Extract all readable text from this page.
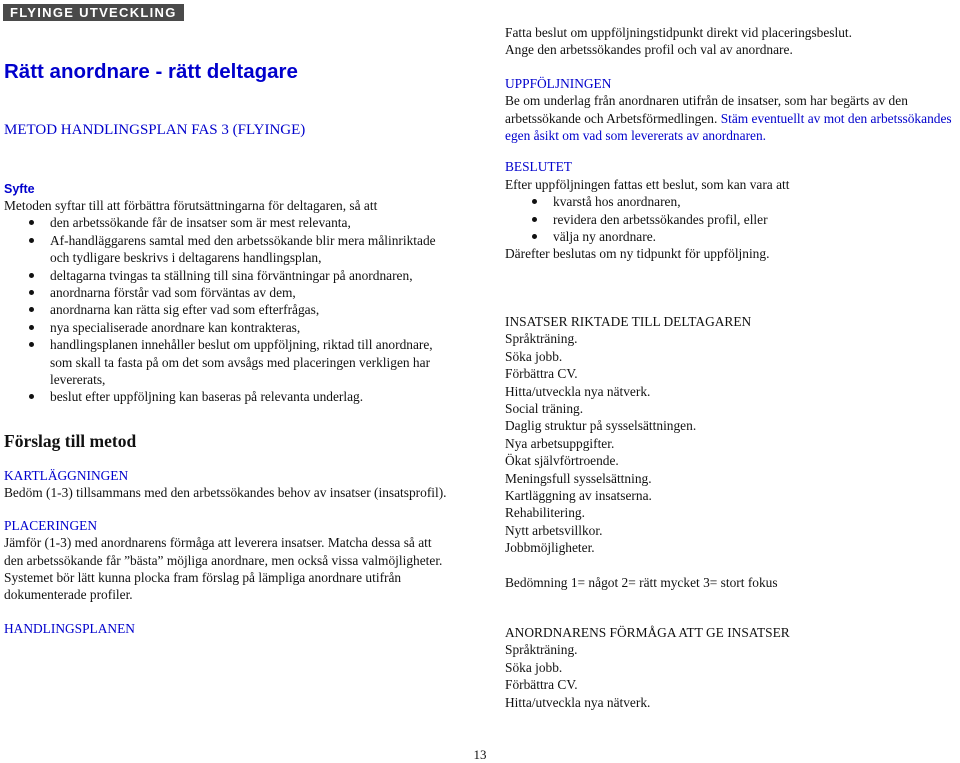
FLYINGE UTVECKLING
Rätt anordnare - rätt deltagare
METOD HANDLINGSPLAN FAS 3 (FLYINGE)
Syfte

Metoden syftar till att förbättra förutsättningarna för deltagaren, så att

den arbetssökande får de insatser som är mest relevanta,
Af-handläggarens samtal med den arbetssökande blir mera målinriktade och tydligare beskrivs i deltagarens handlingsplan,
deltagarna tvingas ta ställning till sina förväntningar på anordnaren,
anordnarna förstår vad som förväntas av dem,
anordnarna kan rätta sig efter vad som efterfrågas,
nya specialiserade anordnare kan kontrakteras,
handlingsplanen innehåller beslut om uppföljning, riktad till anordnare, som skall ta fasta på om det som avsågs med placeringen verkligen har levererats,
beslut efter uppföljning kan baseras på relevanta underlag.
Förslag till metod

KARTLÄGGNINGEN

Bedöm (1-3) tillsammans med den arbetssökandes behov av insatser (insatsprofil).

PLACERINGEN

Jämför (1-3) med anordnarens förmåga att leverera insatser. Matcha dessa så att den arbetssökande får ”bästa” möjliga anordnare, men också vissa valmöjligheter.

Systemet bör lätt kunna plocka fram förslag på lämpliga anordnare utifrån dokumenterade profiler.

HANDLINGSPLANEN

Fatta beslut om uppföljningstidpunkt direkt vid placeringsbeslut.

Ange den arbetssökandes profil och val av anordnare.

UPPFÖLJNINGEN

Be om underlag från anordnaren utifrån de insatser, som har begärts av den arbetssökande och Arbetsförmedlingen. Stäm eventuellt av mot den arbetssökandes egen åsikt om vad som levererats av anordnaren.

BESLUTET

Efter uppföljningen fattas ett beslut, som kan vara att

kvarstå hos anordnaren,
revidera den arbetssökandes profil, eller
välja ny anordnare.

Därefter beslutas om ny tidpunkt för uppföljning.

INSATSER RIKTADE TILL DELTAGAREN

Språkträning.

Söka jobb.

Förbättra CV.

Hitta/utveckla nya nätverk.

Social träning.

Daglig struktur på sysselsättningen.

Nya arbetsuppgifter.

Ökat självförtroende.

Meningsfull sysselsättning.

Kartläggning av insatserna.

Rehabilitering.

Nytt arbetsvillkor.

Jobbmöjligheter.

Bedömning 1= något 2= rätt mycket 3= stort fokus

ANORDNARENS FÖRMÅGA ATT GE INSATSER

Språkträning.

Söka jobb.

Förbättra CV.

Hitta/utveckla nya nätverk.

13
